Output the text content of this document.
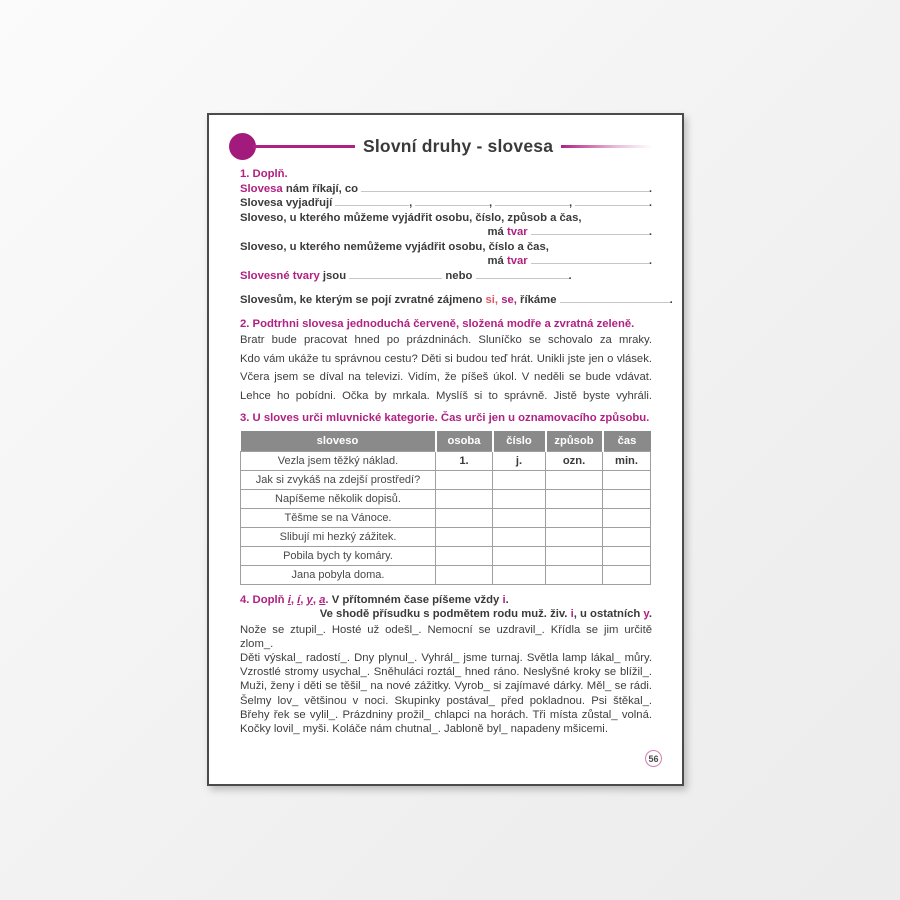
Slovní druhy - slovesa
1. Doplň.
Slovesa nám říkají, co	.
Slovesa vyjadřují	,	,	,	.
Sloveso, u kterého můžeme vyjádřit osobu, číslo, způsob a čas,
má tvar	.
Sloveso, u kterého nemůžeme vyjádřit osobu, číslo a čas,
má tvar	.
Slovesné tvary jsou	nebo	.
Slovesům, ke kterým se pojí zvratné zájmeno si, se, říkáme	.
2. Podtrhni slovesa jednoduchá červeně, složená modře a zvratná zeleně.
Bratr bude pracovat hned po prázdninách. Sluníčko se schovalo za mraky.
Kdo vám ukáže tu správnou cestu? Děti si budou teď hrát. Unikli jste jen o vlásek.
Včera jsem se díval na televizi. Vidím, že píšeš úkol. V neděli se bude vdávat.
Lehce ho pobídni. Očka by mrkala. Myslíš si to správně. Jistě byste vyhráli.
3. U sloves urči mluvnické kategorie. Čas urči jen u oznamovacího způsobu.
sloveso	osoba	číslo	způsob	čas
Vezla jsem těžký náklad.	1.	j.	ozn.	min.
Jak si zvykáš na zdejší prostředí?				
Napíšeme několik dopisů.				
Těšme se na Vánoce.				
Slibují mi hezký zážitek.				
Pobila bych ty komáry.				
Jana pobyla doma.				
4. Doplň i, í, y, a. V přítomném čase píšeme vždy i.
Ve shodě přísudku s podmětem rodu muž. živ. i, u ostatních y.
Nože se ztupil_. Hosté už odešl_. Nemocní se uzdravil_. Křídla se jim určitě zlom_.
Děti výskal_ radostí_. Dny plynul_. Vyhrál_ jsme turnaj. Světla lamp lákal_ můry.
Vzrostlé stromy usychal_. Sněhuláci roztál_ hned ráno. Neslyšné kroky se blížil_.
Muži, ženy i děti se těšil_ na nové zážitky. Vyrob_ si zajímavé dárky. Měl_ se rádi.
Šelmy lov_ většinou v noci. Skupinky postával_ před pokladnou. Psi štěkal_.
Břehy řek se vylil_. Prázdniny prožil_ chlapci na horách. Tři místa zůstal_ volná.
Kočky lovil_ myši. Koláče nám chutnal_. Jabloně byl_ napadeny mšicemi.
56
